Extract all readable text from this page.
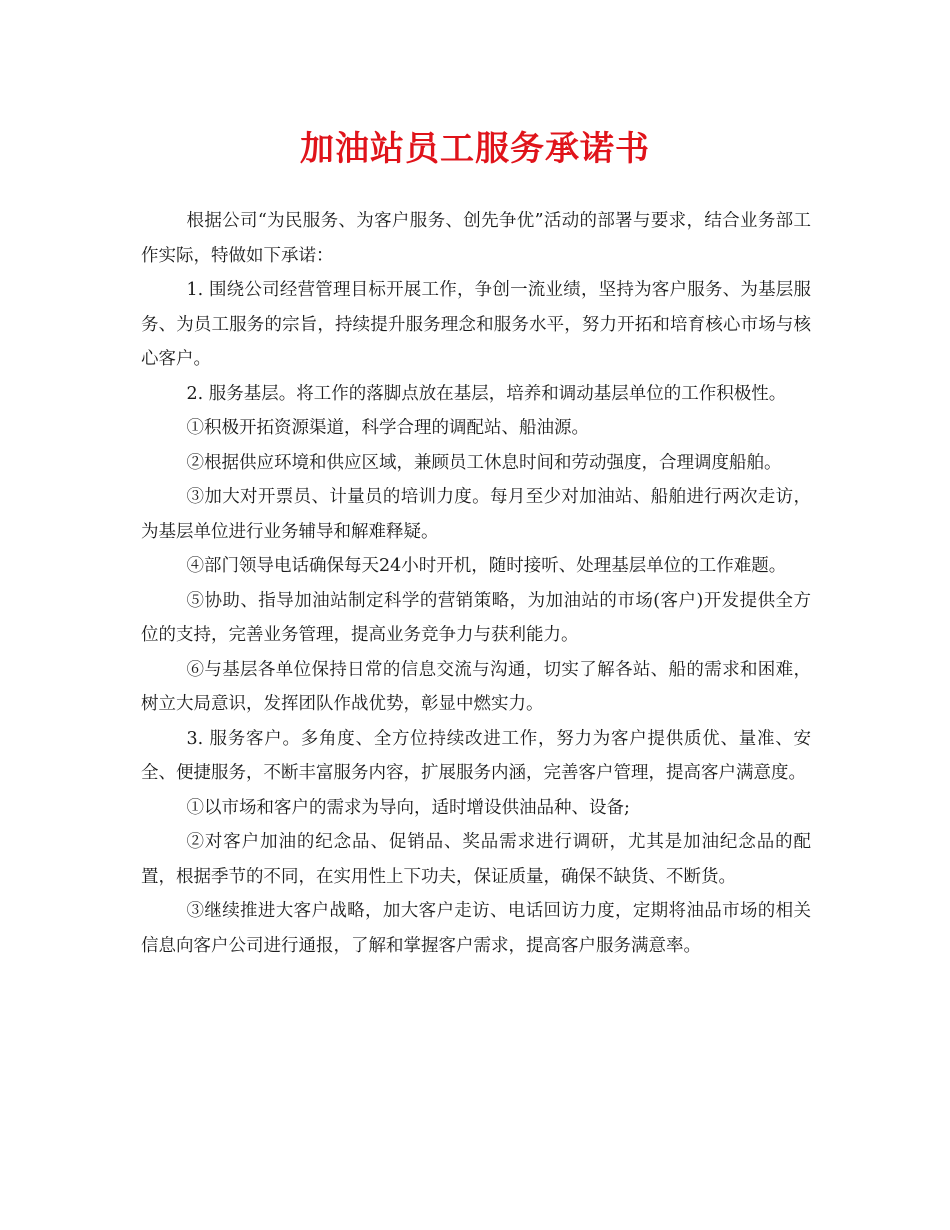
加油站员工服务承诺书

根据公司“为民服务、为客户服务、创先争优”活动的部署与要求，结合业务部工作实际，特做如下承诺：

1. 围绕公司经营管理目标开展工作，争创一流业绩，坚持为客户服务、为基层服务、为员工服务的宗旨，持续提升服务理念和服务水平，努力开拓和培育核心市场与核心客户。

2. 服务基层。将工作的落脚点放在基层，培养和调动基层单位的工作积极性。

①积极开拓资源渠道，科学合理的调配站、船油源。

②根据供应环境和供应区域，兼顾员工休息时间和劳动强度，合理调度船舶。

③加大对开票员、计量员的培训力度。每月至少对加油站、船舶进行两次走访，为基层单位进行业务辅导和解难释疑。

④部门领导电话确保每天24小时开机，随时接听、处理基层单位的工作难题。

⑤协助、指导加油站制定科学的营销策略，为加油站的市场(客户)开发提供全方位的支持，完善业务管理，提高业务竞争力与获利能力。

⑥与基层各单位保持日常的信息交流与沟通，切实了解各站、船的需求和困难，树立大局意识，发挥团队作战优势，彰显中燃实力。

3. 服务客户。多角度、全方位持续改进工作，努力为客户提供质优、量准、安全、便捷服务，不断丰富服务内容，扩展服务内涵，完善客户管理，提高客户满意度。

①以市场和客户的需求为导向，适时增设供油品种、设备;

②对客户加油的纪念品、促销品、奖品需求进行调研，尤其是加油纪念品的配置，根据季节的不同，在实用性上下功夫，保证质量，确保不缺货、不断货。

③继续推进大客户战略，加大客户走访、电话回访力度，定期将油品市场的相关信息向客户公司进行通报，了解和掌握客户需求，提高客户服务满意率。
